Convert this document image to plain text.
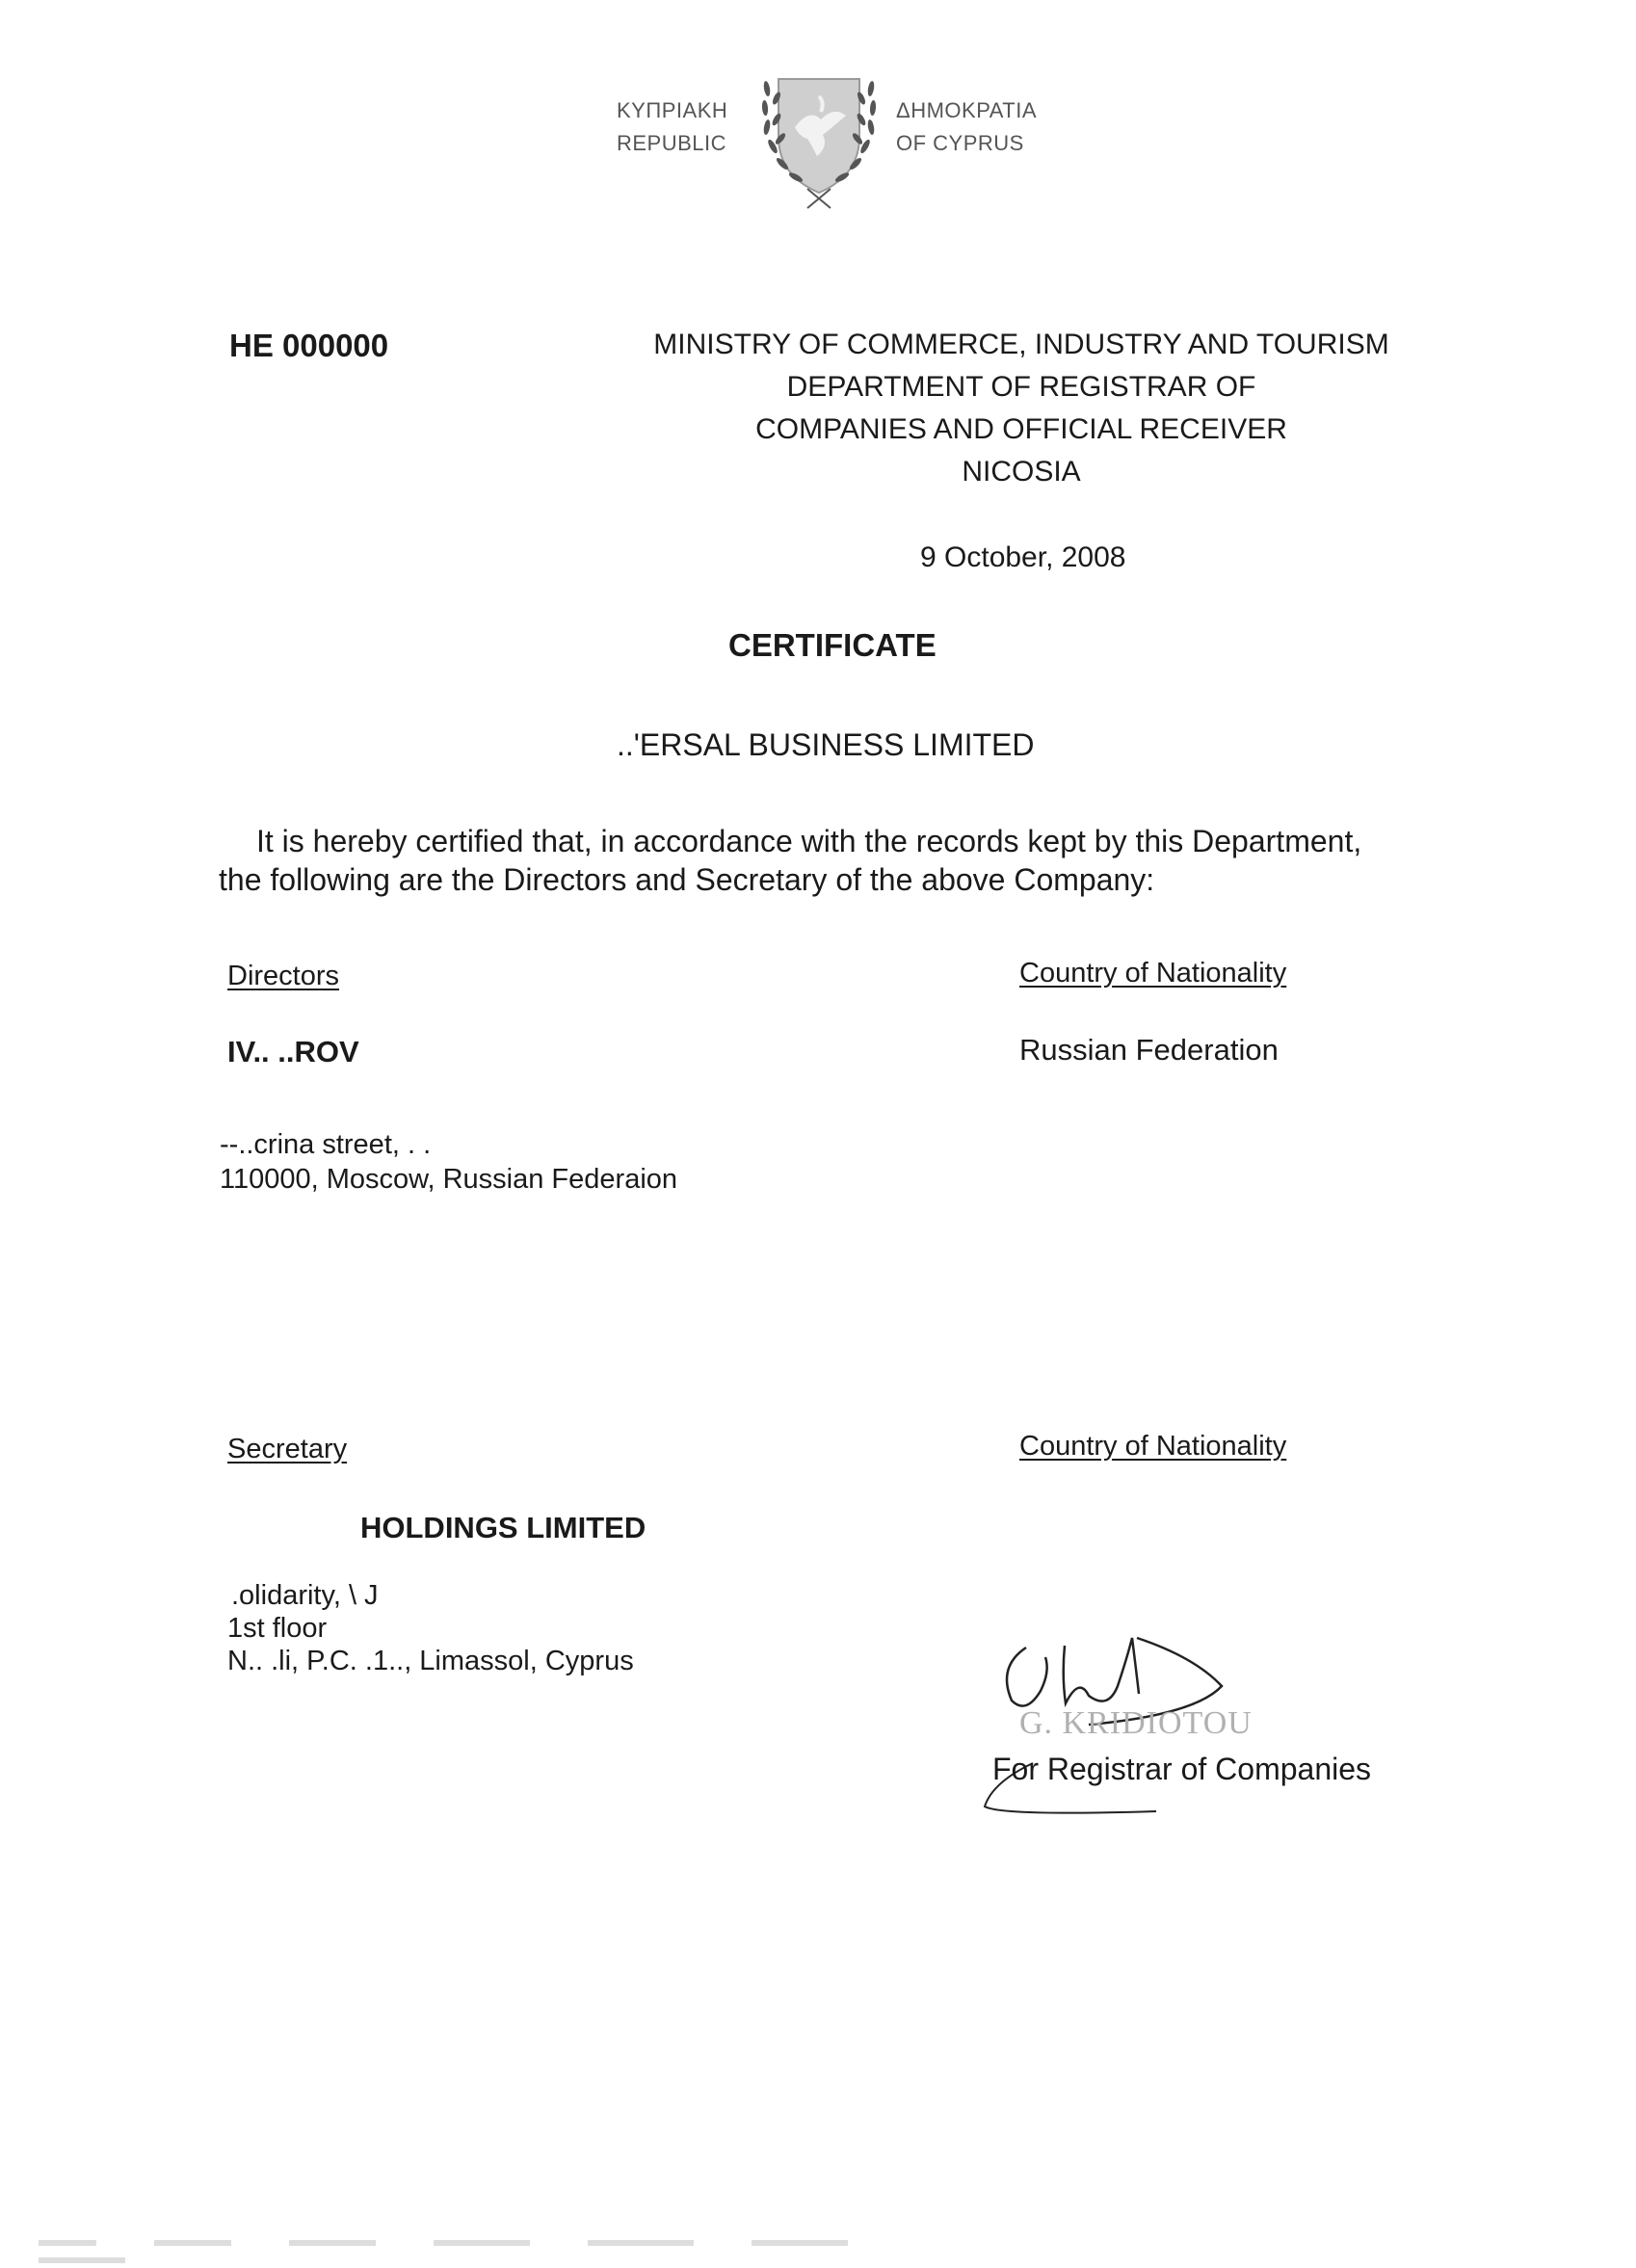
ΚΥΠΡΙΑΚΗ
REPUBLIC
ΔΗΜΟΚΡΑΤΙΑ
OF CYPRUS
HE 000000	MINISTRY OF COMMERCE, INDUSTRY AND TOURISM
DEPARTMENT OF REGISTRAR OF
COMPANIES AND OFFICIAL RECEIVER
NICOSIA
9 October, 2008
CERTIFICATE
..'ERSAL BUSINESS LIMITED
It is hereby certified that, in accordance with the records kept by this Department,
the following are the Directors and Secretary of the above Company:
Directors	Country of Nationality
IV.. ..ROV	Russian Federation
--..crina street, . .
110000, Moscow, Russian Federaion
Secretary	Country of Nationality
HOLDINGS LIMITED
.olidarity, \ J
1st floor
N.. .li, P.C. .1.., Limassol, Cyprus
G. KRIDIOTOU
For Registrar of Companies
